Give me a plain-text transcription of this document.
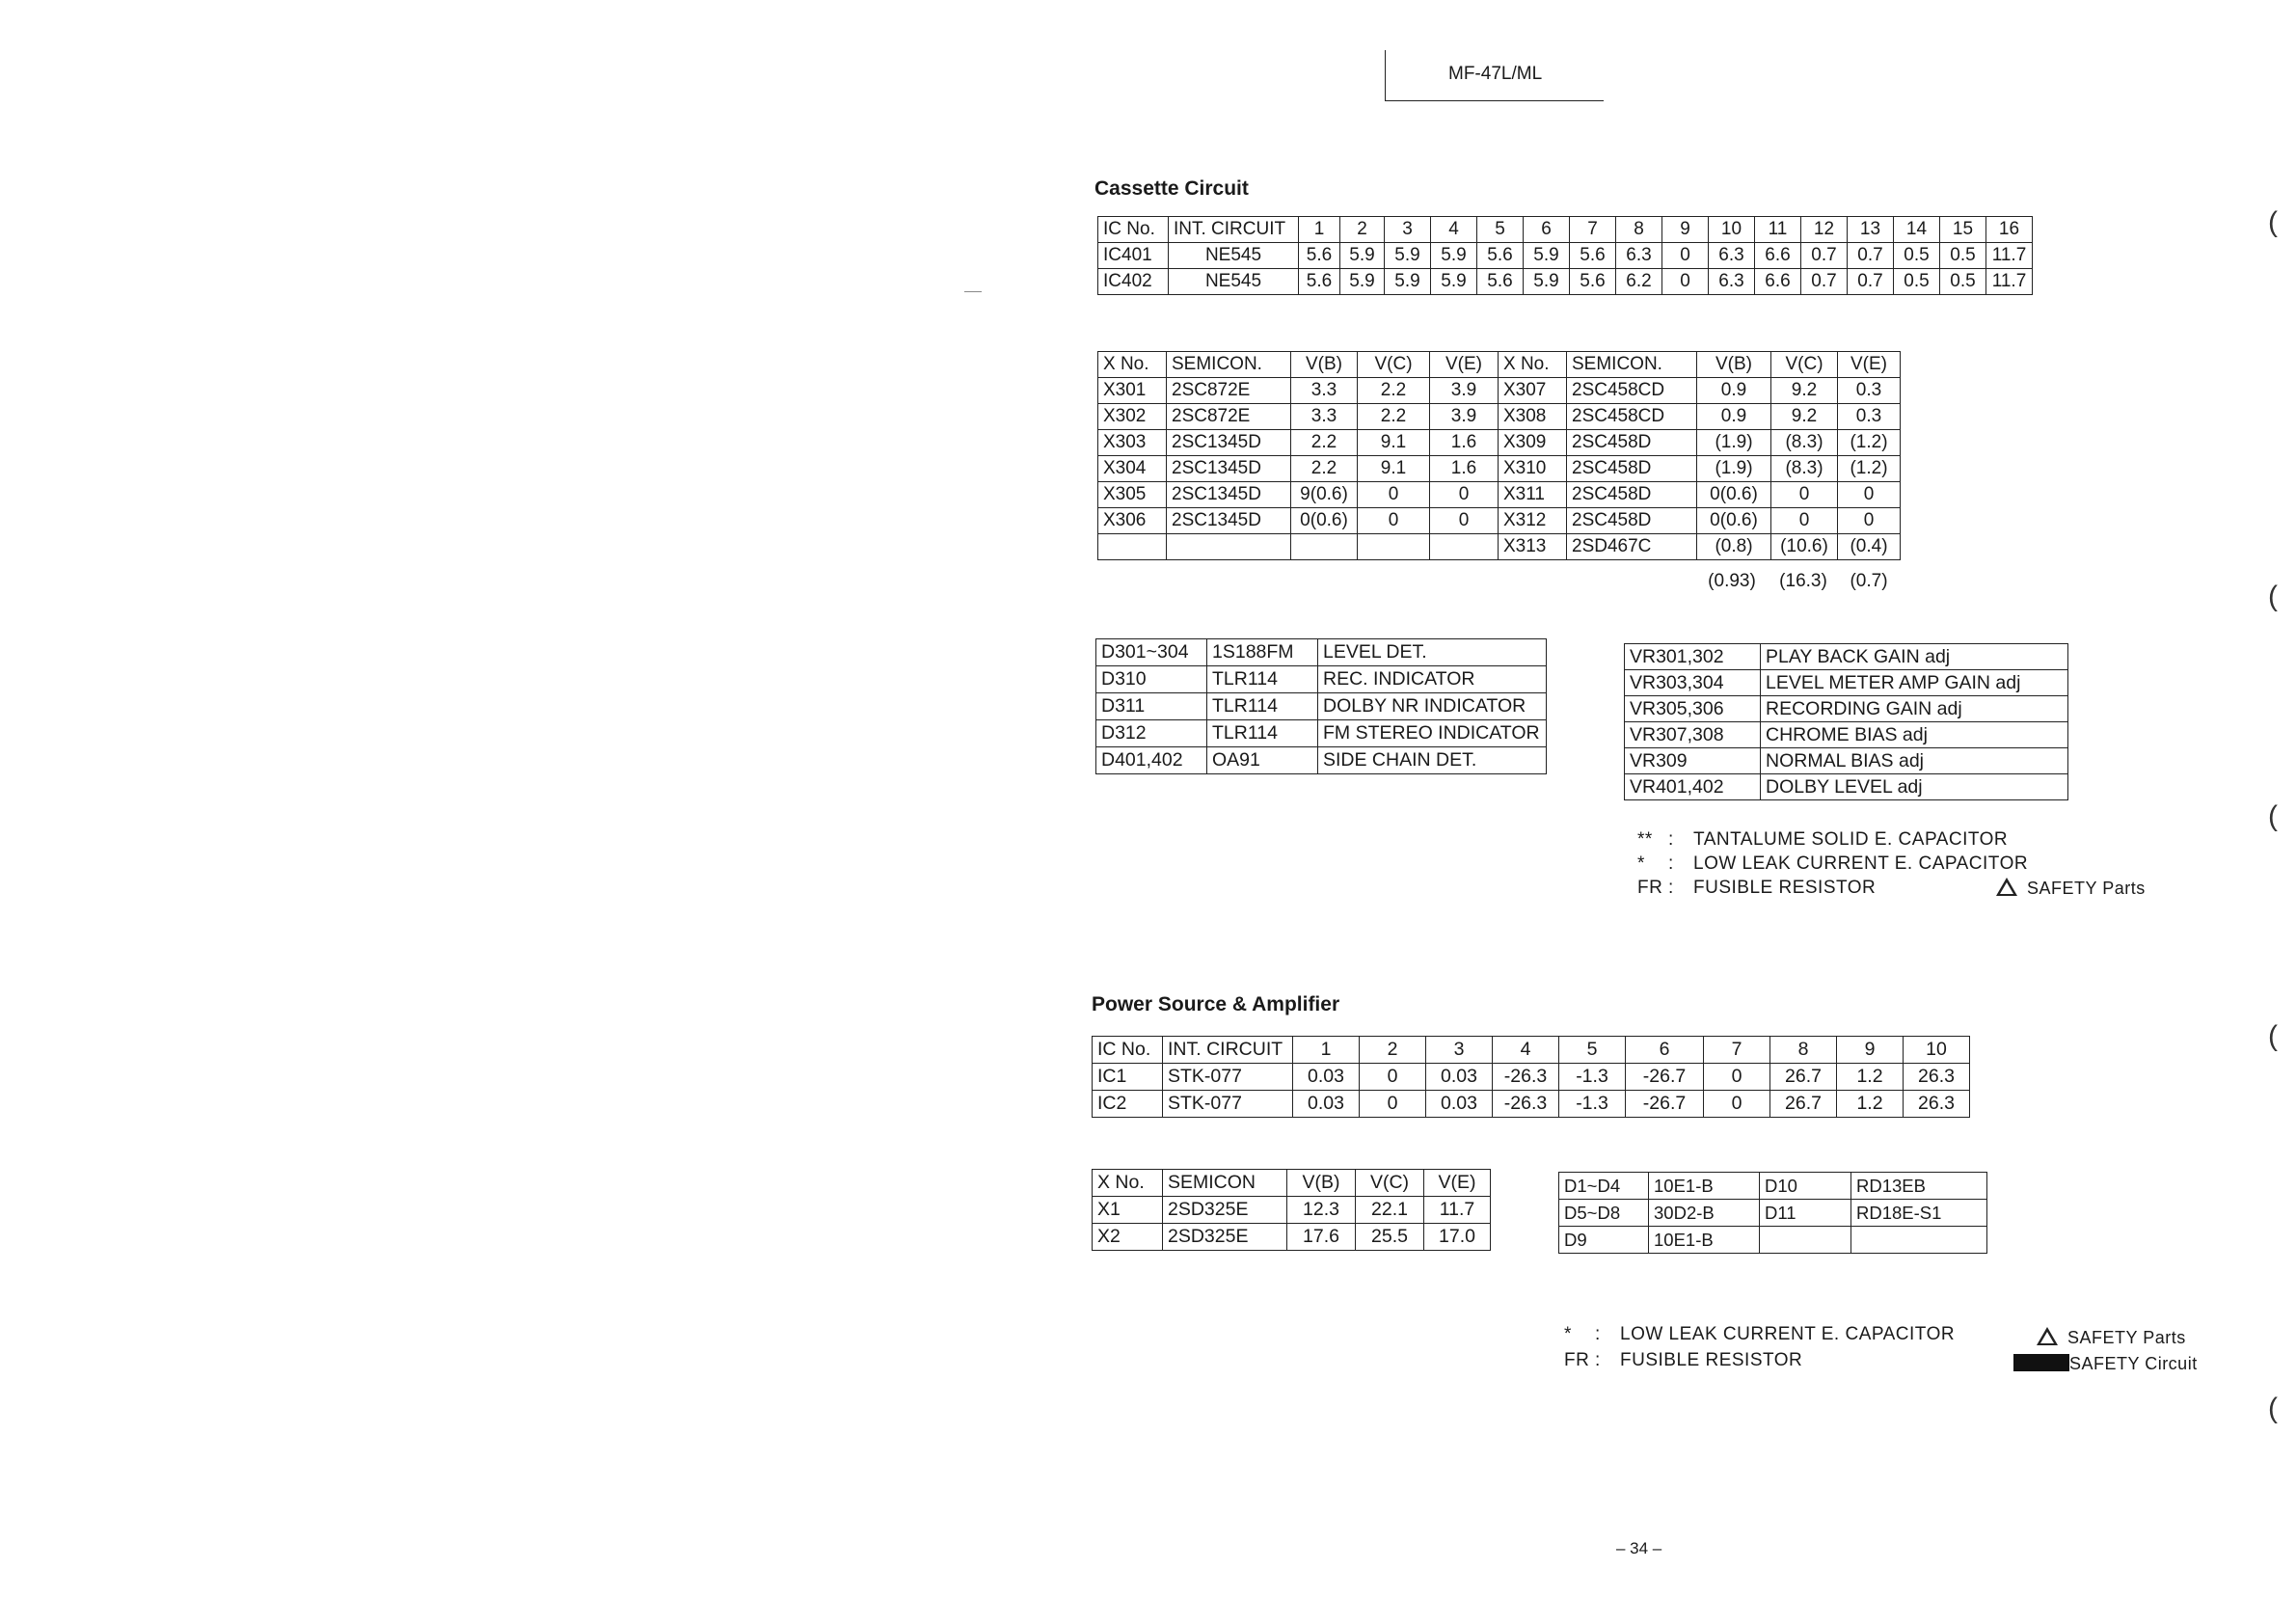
MF-47L/ML
(
(
(
(
(
Cassette Circuit
IC No.	INT. CIRCUIT	1	2	3	4	5	6	7	8	9	10	11	12	13	14	15	16
IC401	NE545	5.6	5.9	5.9	5.9	5.6	5.9	5.6	6.3	0	6.3	6.6	0.7	0.7	0.5	0.5	11.7
IC402	NE545	5.6	5.9	5.9	5.9	5.6	5.9	5.6	6.2	0	6.3	6.6	0.7	0.7	0.5	0.5	11.7
X No.	SEMICON.	V(B)	V(C)	V(E)	X No.	SEMICON.	V(B)	V(C)	V(E)
X301	2SC872E	3.3	2.2	3.9	X307	2SC458CD	0.9	9.2	0.3
X302	2SC872E	3.3	2.2	3.9	X308	2SC458CD	0.9	9.2	0.3
X303	2SC1345D	2.2	9.1	1.6	X309	2SC458D	(1.9)	(8.3)	(1.2)
X304	2SC1345D	2.2	9.1	1.6	X310	2SC458D	(1.9)	(8.3)	(1.2)
X305	2SC1345D	9(0.6)	0	0	X311	2SC458D	0(0.6)	0	0
X306	2SC1345D	0(0.6)	0	0	X312	2SC458D	0(0.6)	0	0
					X313	2SD467C	(0.8)	(10.6)	(0.4)
(0.93)	(16.3)	(0.7)
D301~304	1S188FM	LEVEL DET.
D310	TLR114	REC. INDICATOR
D311	TLR114	DOLBY NR INDICATOR
D312	TLR114	FM STEREO INDICATOR
D401,402	OA91	SIDE CHAIN DET.
VR301,302	PLAY BACK GAIN adj
VR303,304	LEVEL METER AMP GAIN adj
VR305,306	RECORDING GAIN adj
VR307,308	CHROME BIAS adj
VR309	NORMAL BIAS adj
VR401,402	DOLBY LEVEL adj
** : TANTALUME SOLID E. CAPACITOR
* : LOW LEAK CURRENT E. CAPACITOR
FR : FUSIBLE RESISTOR	SAFETY Parts
Power Source & Amplifier
IC No.	INT. CIRCUIT	1	2	3	4	5	6	7	8	9	10
IC1	STK-077	0.03	0	0.03	-26.3	-1.3	-26.7	0	26.7	1.2	26.3
IC2	STK-077	0.03	0	0.03	-26.3	-1.3	-26.7	0	26.7	1.2	26.3
X No.	SEMICON	V(B)	V(C)	V(E)
X1	2SD325E	12.3	22.1	11.7
X2	2SD325E	17.6	25.5	17.0
D1~D4	10E1-B	D10	RD13EB
D5~D8	30D2-B	D11	RD18E-S1
D9	10E1-B		
* : LOW LEAK CURRENT E. CAPACITOR
FR : FUSIBLE RESISTOR
SAFETY Parts
SAFETY Circuit
– 34 –
